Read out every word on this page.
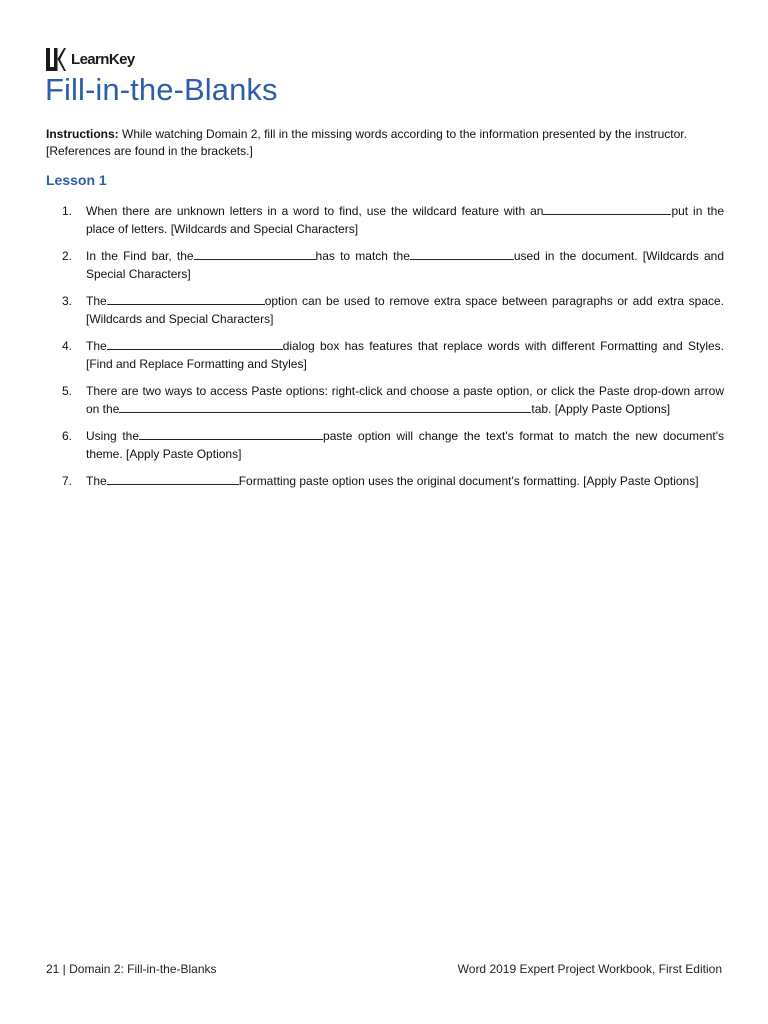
LearnKey
Fill-in-the-Blanks

Instructions: While watching Domain 2, fill in the missing words according to the information presented by the instructor. [References are found in the brackets.]

Lesson 1
1. When there are unknown letters in a word to find, use the wildcard feature with an	put in the place of letters. [Wildcards and Special Characters]
2. In the Find bar, the	has to match the	used in the document. [Wildcards and Special Characters]
3. The	option can be used to remove extra space between paragraphs or add extra space. [Wildcards and Special Characters]
4. The	dialog box has features that replace words with different Formatting and Styles. [Find and Replace Formatting and Styles]
5. There are two ways to access Paste options: right-click and choose a paste option, or click the Paste drop-down arrow on the	tab. [Apply Paste Options]
6. Using the	paste option will change the text's format to match the new document's theme. [Apply Paste Options]
7. The	Formatting paste option uses the original document's formatting. [Apply Paste Options]
21 | Domain 2: Fill-in-the-Blanks	Word 2019 Expert Project Workbook, First Edition
